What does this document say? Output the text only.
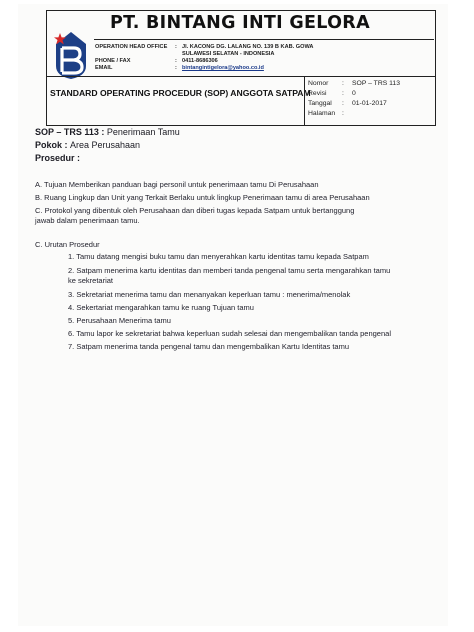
PT. BINTANG INTI GELORA
OPERATION HEAD OFFICE : Jl. KACONG DG. LALANG NO. 139 B KAB. GOWA
SULAWESI SELATAN - INDONESIA
PHONE / FAX	: 0411-8686306
EMAIL	: bintangintigelora@yahoo.co.id
STANDARD OPERATING PROCEDUR (SOP) ANGGOTA SATPAM
Nomor : SOP – TRS 113
Revisi : 0
Tanggal : 01-01-2017
Halaman :
SOP – TRS 113 : Penerimaan Tamu
Pokok : Area Perusahaan
Prosedur :
A. Tujuan Memberikan panduan bagi personil untuk penerimaan tamu Di Perusahaan
B. Ruang Lingkup dan Unit yang Terkait Berlaku untuk lingkup Penerimaan tamu di area Perusahaan
C. Protokol yang dibentuk oleh Perusahaan dan diberi tugas kepada Satpam untuk bertanggung
jawab dalam penerimaan tamu.
C. Urutan Prosedur
1. Tamu datang mengisi buku tamu dan menyerahkan kartu identitas tamu kepada Satpam
2. Satpam menerima kartu identitas dan memberi tanda pengenal tamu serta mengarahkan tamu
ke sekretariat
3. Sekretariat menerima tamu dan menanyakan keperluan tamu : menerima/menolak
4. Sekertariat mengarahkan tamu ke ruang Tujuan tamu
5. Perusahaan Menerima tamu
6. Tamu lapor ke sekretariat bahwa keperluan sudah selesai dan mengembalikan tanda pengenal
7. Satpam menerima tanda pengenal tamu dan mengembalikan Kartu Identitas tamu
